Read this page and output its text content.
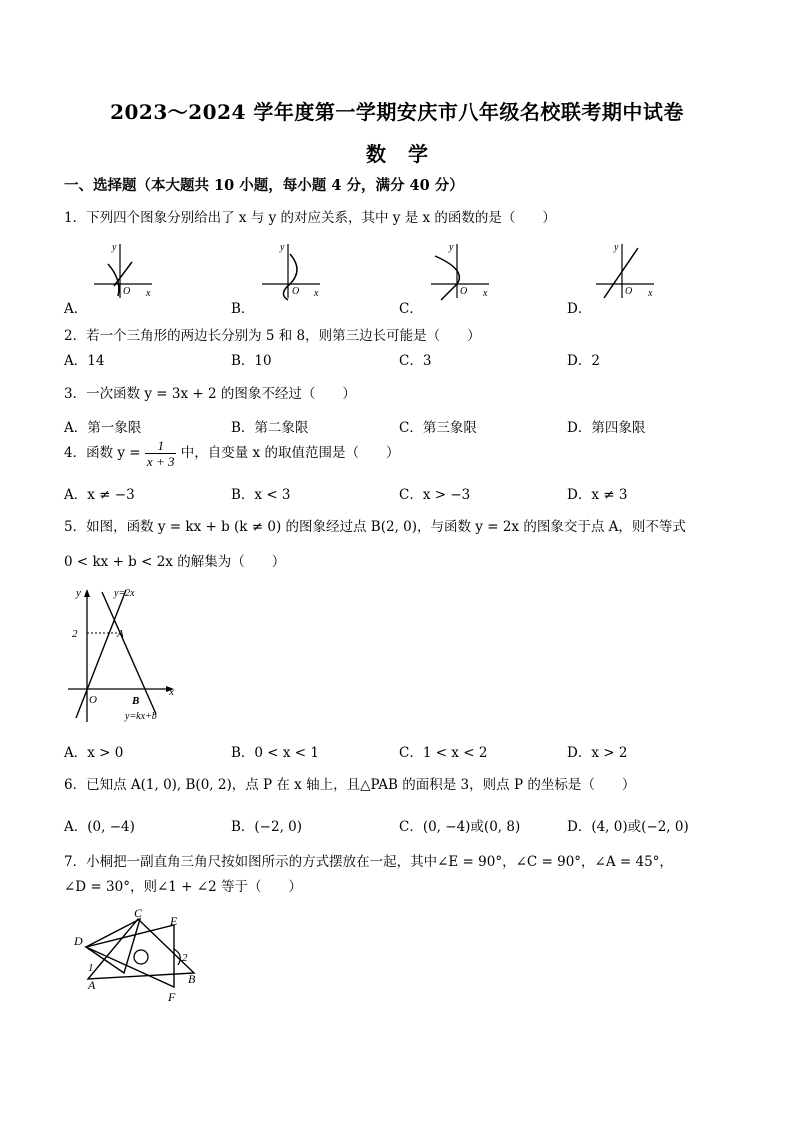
2023～2024 学年度第一学期安庆市八年级名校联考期中试卷
数学
一、选择题（本大题共 10 小题，每小题 4 分，满分 40 分）
1．下列四个图象分别给出了 x 与 y 的对应关系，其中 y 是 x 的函数的是（　　）
y
x
O
y
x
O
y
x
O
y
x
O
A．	B．	C．	D．
2．若一个三角形的两边长分别为 5 和 8，则第三边长可能是（　　）
A．14	B．10	C．3	D．2
3．一次函数 y = 3x + 2 的图象不经过（　　）
A．第一象限	B．第二象限	C．第三象限	D．第四象限
4．函数 $y = \frac{1}{x + 3}$ 中，自变量 x 的取值范围是（　　）
A．x ≠ −3	B．x < 3	C．x > −3	D．x ≠ 3
5．如图，函数 y = kx + b (k ≠ 0) 的图象经过点 B(2, 0)，与函数 y = 2x 的图象交于点 A，则不等式
0 < kx + b < 2x 的解集为（　　）
y
x
O
y=2x
y=kx+b
2	A
B
A．x > 0	B．0 < x < 1	C．1 < x < 2	D．x > 2
6．已知点 A(1, 0), B(0, 2)，点 P 在 x 轴上，且△PAB 的面积是 3，则点 P 的坐标是（　　）
A．(0, −4)	B．(−2, 0)	C．(0, −4)或(0, 8)	D．(4, 0)或(−2, 0)
7．小桐把一副直角三角尺按如图所示的方式摆放在一起，其中∠E = 90°，∠C = 90°，∠A = 45°，
∠D = 30°，则∠1 + ∠2 等于（　　）
D
C
E
A	B
F
1
2
